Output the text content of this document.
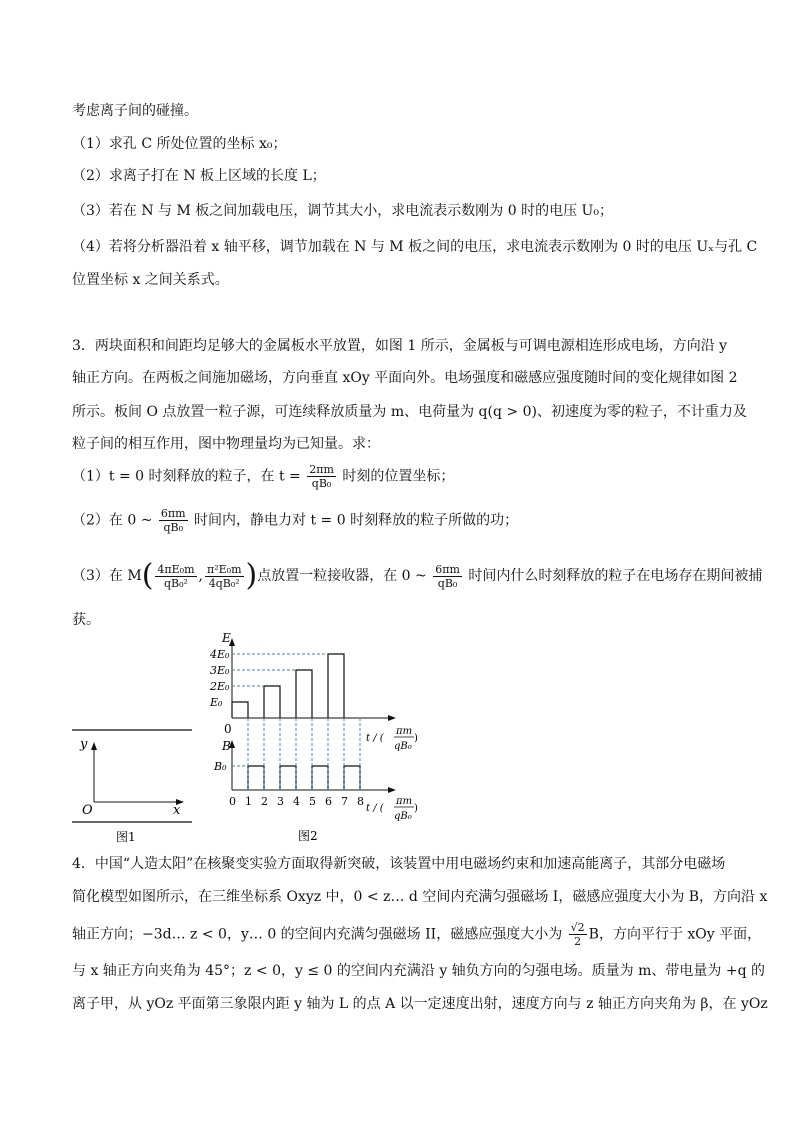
考虑离子间的碰撞。
（1）求孔 C 所处位置的坐标 x₀；
（2）求离子打在 N 板上区域的长度 L；
（3）若在 N 与 M 板之间加载电压，调节其大小，求电流表示数刚为 0 时的电压 U₀；
（4）若将分析器沿着 x 轴平移，调节加载在 N 与 M 板之间的电压，求电流表示数刚为 0 时的电压 Uₓ与孔 C
位置坐标 x 之间关系式。
3．两块面积和间距均足够大的金属板水平放置，如图 1 所示，金属板与可调电源相连形成电场，方向沿 y
轴正方向。在两板之间施加磁场，方向垂直 xOy 平面向外。电场强度和磁感应强度随时间的变化规律如图 2
所示。板间 O 点放置一粒子源，可连续释放质量为 m、电荷量为 q(q > 0)、初速度为零的粒子，不计重力及
粒子间的相互作用，图中物理量均为已知量。求：
（1）t = 0 时刻释放的粒子，在 $t = \frac{2\pi m}{\text{qB₀}}$ 时刻的位置坐标；
（2）在 0 ~ $\frac{6\pi m}{\text{qB₀}}$ 时间内，静电力对 t = 0 时刻释放的粒子所做的功；
（3）在 $M( \frac{\text{4πE₀m}}{\text{qB₀²}}$ , $\frac{\text{π²E₀m}}{\text{4qB₀²}}$ )点放置一粒接收器，在 0 ~ $\frac{6\pi m}{\text{qB₀}}$ 时间内什么时刻释放的粒子在电场存在期间被捕
获。
y
O	x
图1
E
0
B
t / (
πm
qB₀
)
t / (
πm
qB₀
)
图2
4E₀
3E₀
2E₀
E₀
B₀
0 1 2 3 4 5 6 7 8
4．中国“人造太阳”在核聚变实验方面取得新突破，该装置中用电磁场约束和加速高能离子，其部分电磁场
简化模型如图所示，在三维坐标系 Oxyz 中，0 < z… d 空间内充满匀强磁场 I，磁感应强度大小为 B，方向沿 x
轴正方向；−3d… z < 0，y… 0 的空间内充满匀强磁场 II，磁感应强度大小为 $\frac{√2}{2}$ B，方向平行于 xOy 平面，
与 x 轴正方向夹角为 45°；z < 0，y ≤ 0 的空间内充满沿 y 轴负方向的匀强电场。质量为 m、带电量为 +q 的
离子甲，从 yOz 平面第三象限内距 y 轴为 L 的点 A 以一定速度出射，速度方向与 z 轴正方向夹角为 β，在 yOz
